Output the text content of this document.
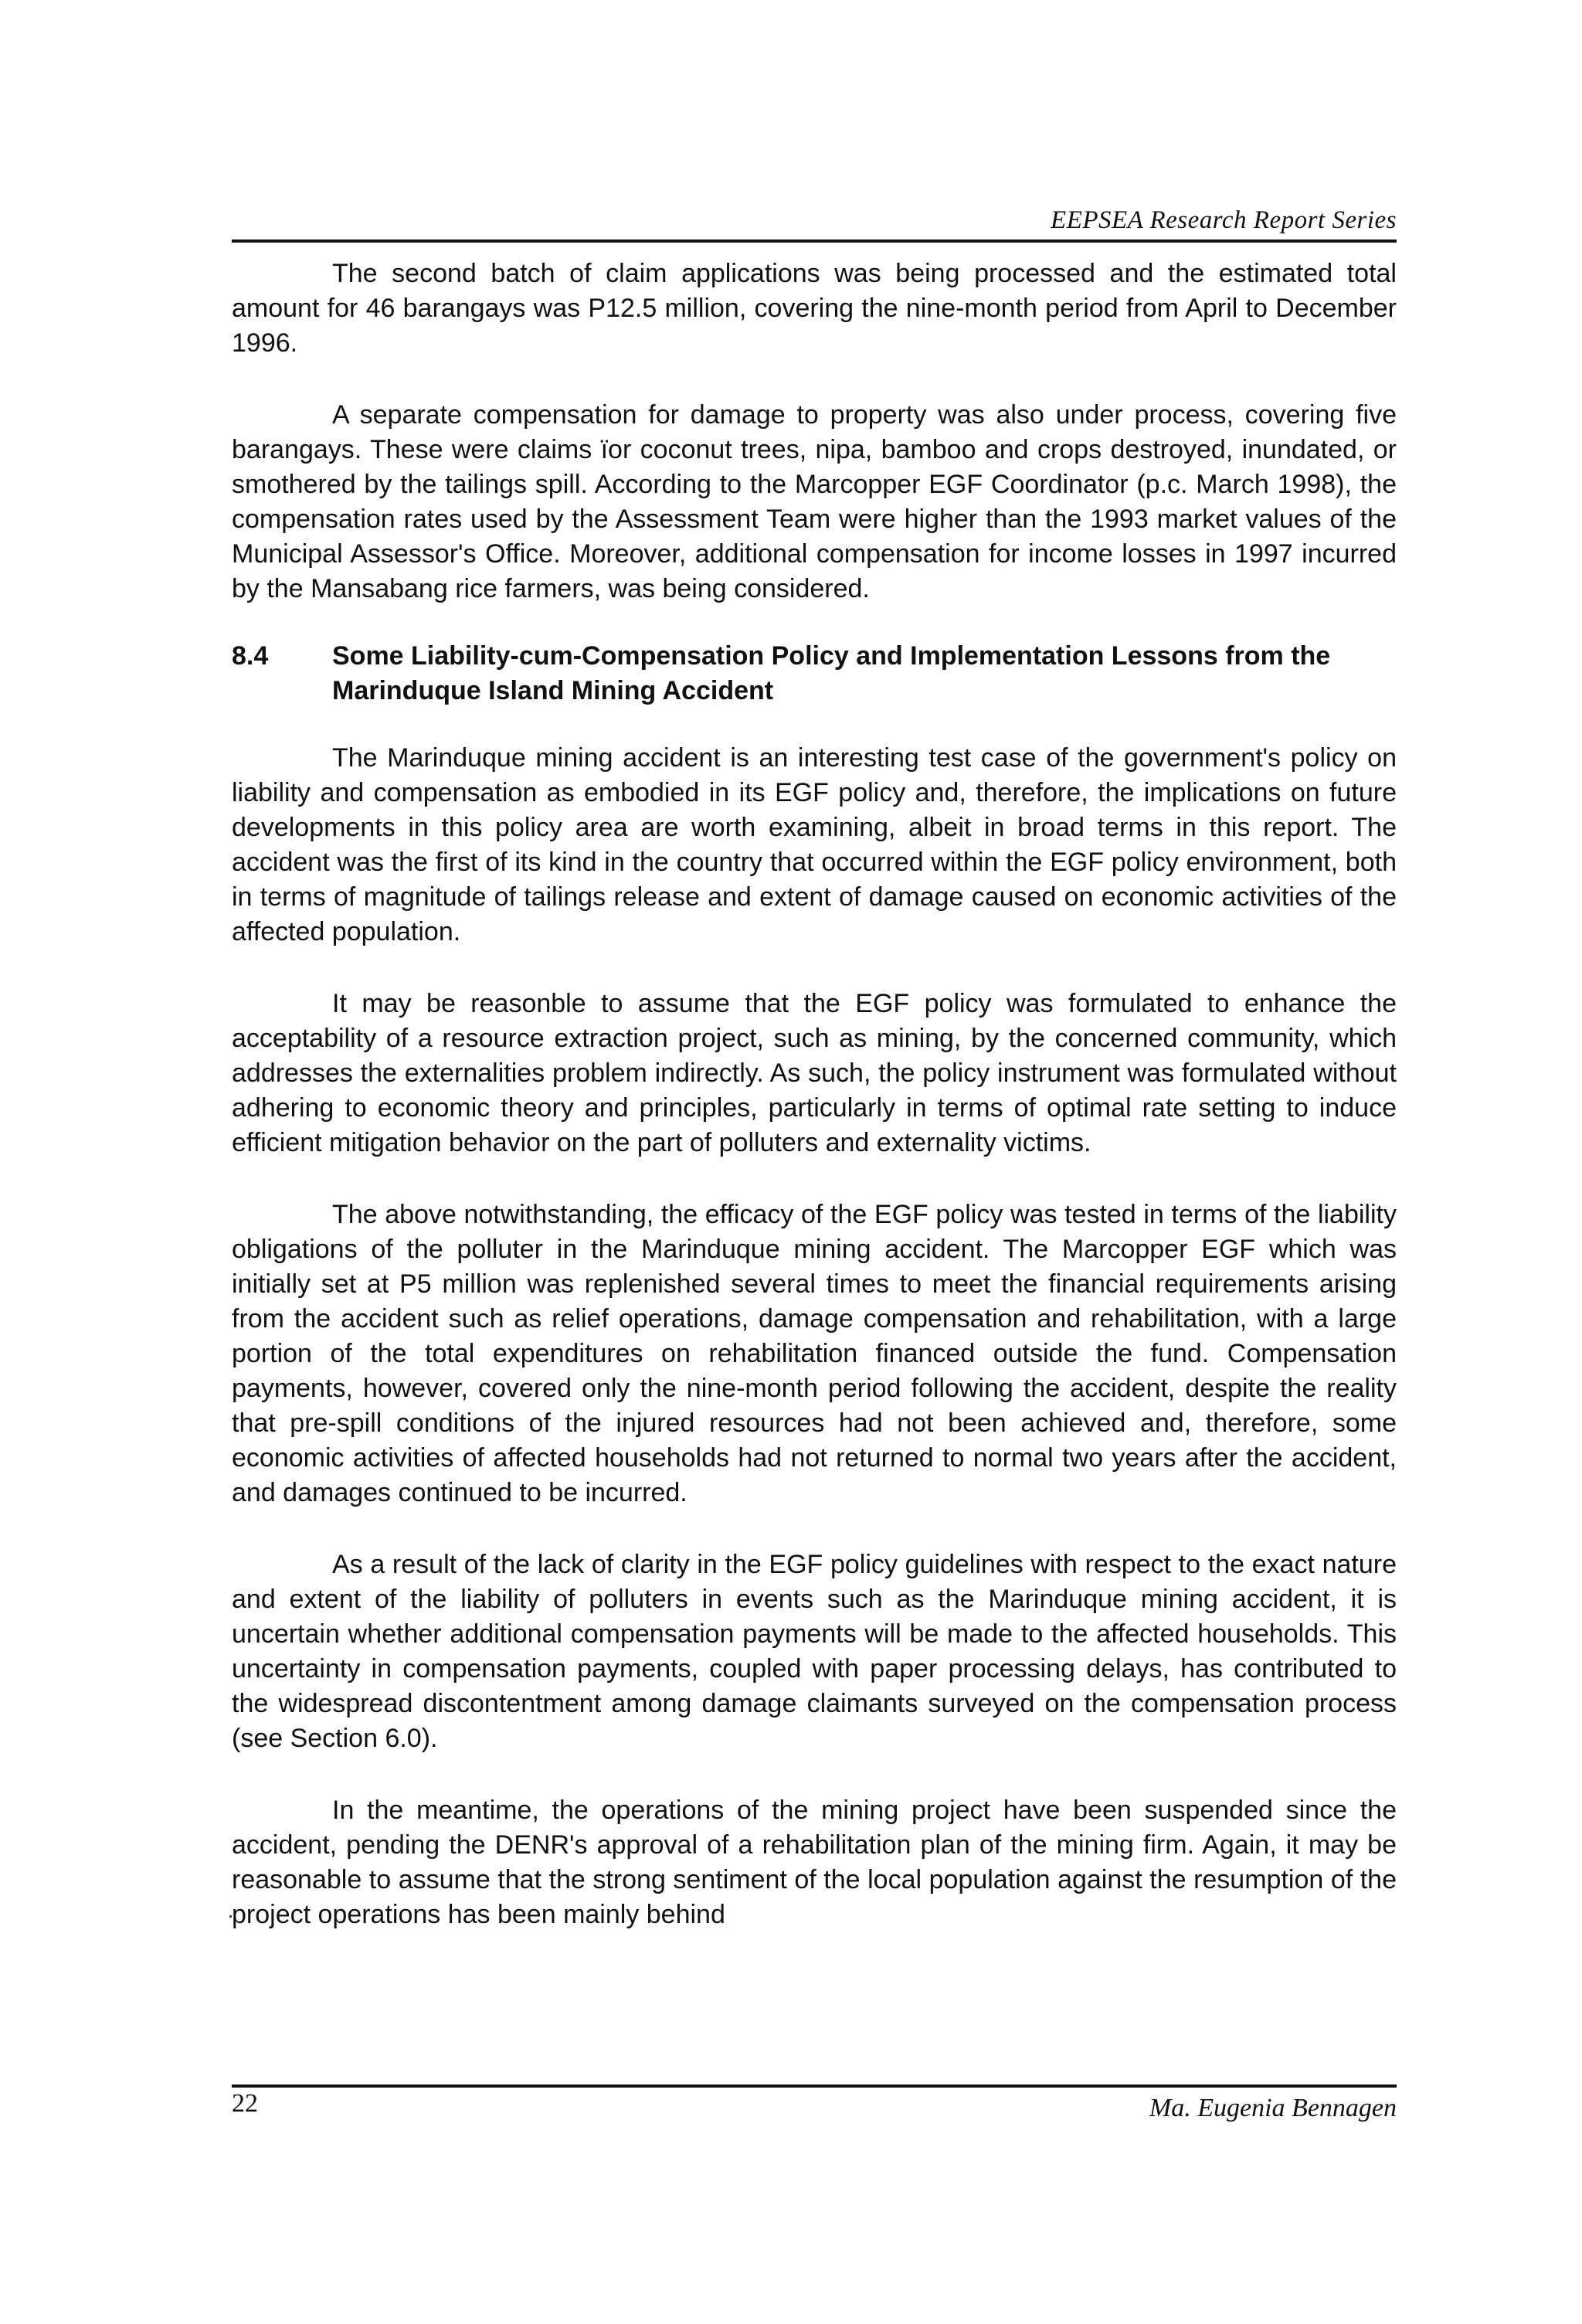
EEPSEA Research Report Series

The second batch of claim applications was being processed and the estimated total amount for 46 barangays was P12.5 million, covering the nine-month period from April to December 1996.

A separate compensation for damage to property was also under process, covering five barangays. These were claims ïor coconut trees, nipa, bamboo and crops destroyed, inundated, or smothered by the tailings spill. According to the Marcopper EGF Coordinator (p.c. March 1998), the compensation rates used by the Assessment Team were higher than the 1993 market values of the Municipal Assessor's Office. Moreover, additional compensation for income losses in 1997 incurred by the Mansabang rice farmers, was being considered.

8.4	Some Liability-cum-Compensation Policy and Implementation Lessons from the Marinduque Island Mining Accident

The Marinduque mining accident is an interesting test case of the government's policy on liability and compensation as embodied in its EGF policy and, therefore, the implications on future developments in this policy area are worth examining, albeit in broad terms in this report. The accident was the first of its kind in the country that occurred within the EGF policy environment, both in terms of magnitude of tailings release and extent of damage caused on economic activities of the affected population.

It may be reasonble to assume that the EGF policy was formulated to enhance the acceptability of a resource extraction project, such as mining, by the concerned community, which addresses the externalities problem indirectly. As such, the policy instrument was formulated without adhering to economic theory and principles, particularly in terms of optimal rate setting to induce efficient mitigation behavior on the part of polluters and externality victims.

The above notwithstanding, the efficacy of the EGF policy was tested in terms of the liability obligations of the polluter in the Marinduque mining accident. The Marcopper EGF which was initially set at P5 million was replenished several times to meet the financial requirements arising from the accident such as relief operations, damage compensation and rehabilitation, with a large portion of the total expenditures on rehabilitation financed outside the fund. Compensation payments, however, covered only the nine-month period following the accident, despite the reality that pre-spill conditions of the injured resources had not been achieved and, therefore, some economic activities of affected households had not returned to normal two years after the accident, and damages continued to be incurred.

As a result of the lack of clarity in the EGF policy guidelines with respect to the exact nature and extent of the liability of polluters in events such as the Marinduque mining accident, it is uncertain whether additional compensation payments will be made to the affected households. This uncertainty in compensation payments, coupled with paper processing delays, has contributed to the widespread discontentment among damage claimants surveyed on the compensation process (see Section 6.0).

In the meantime, the operations of the mining project have been suspended since the accident, pending the DENR's approval of a rehabilitation plan of the mining firm. Again, it may be reasonable to assume that the strong sentiment of the local population against the resumption of the project operations has been mainly behind

22	Ma. Eugenia Bennagen
